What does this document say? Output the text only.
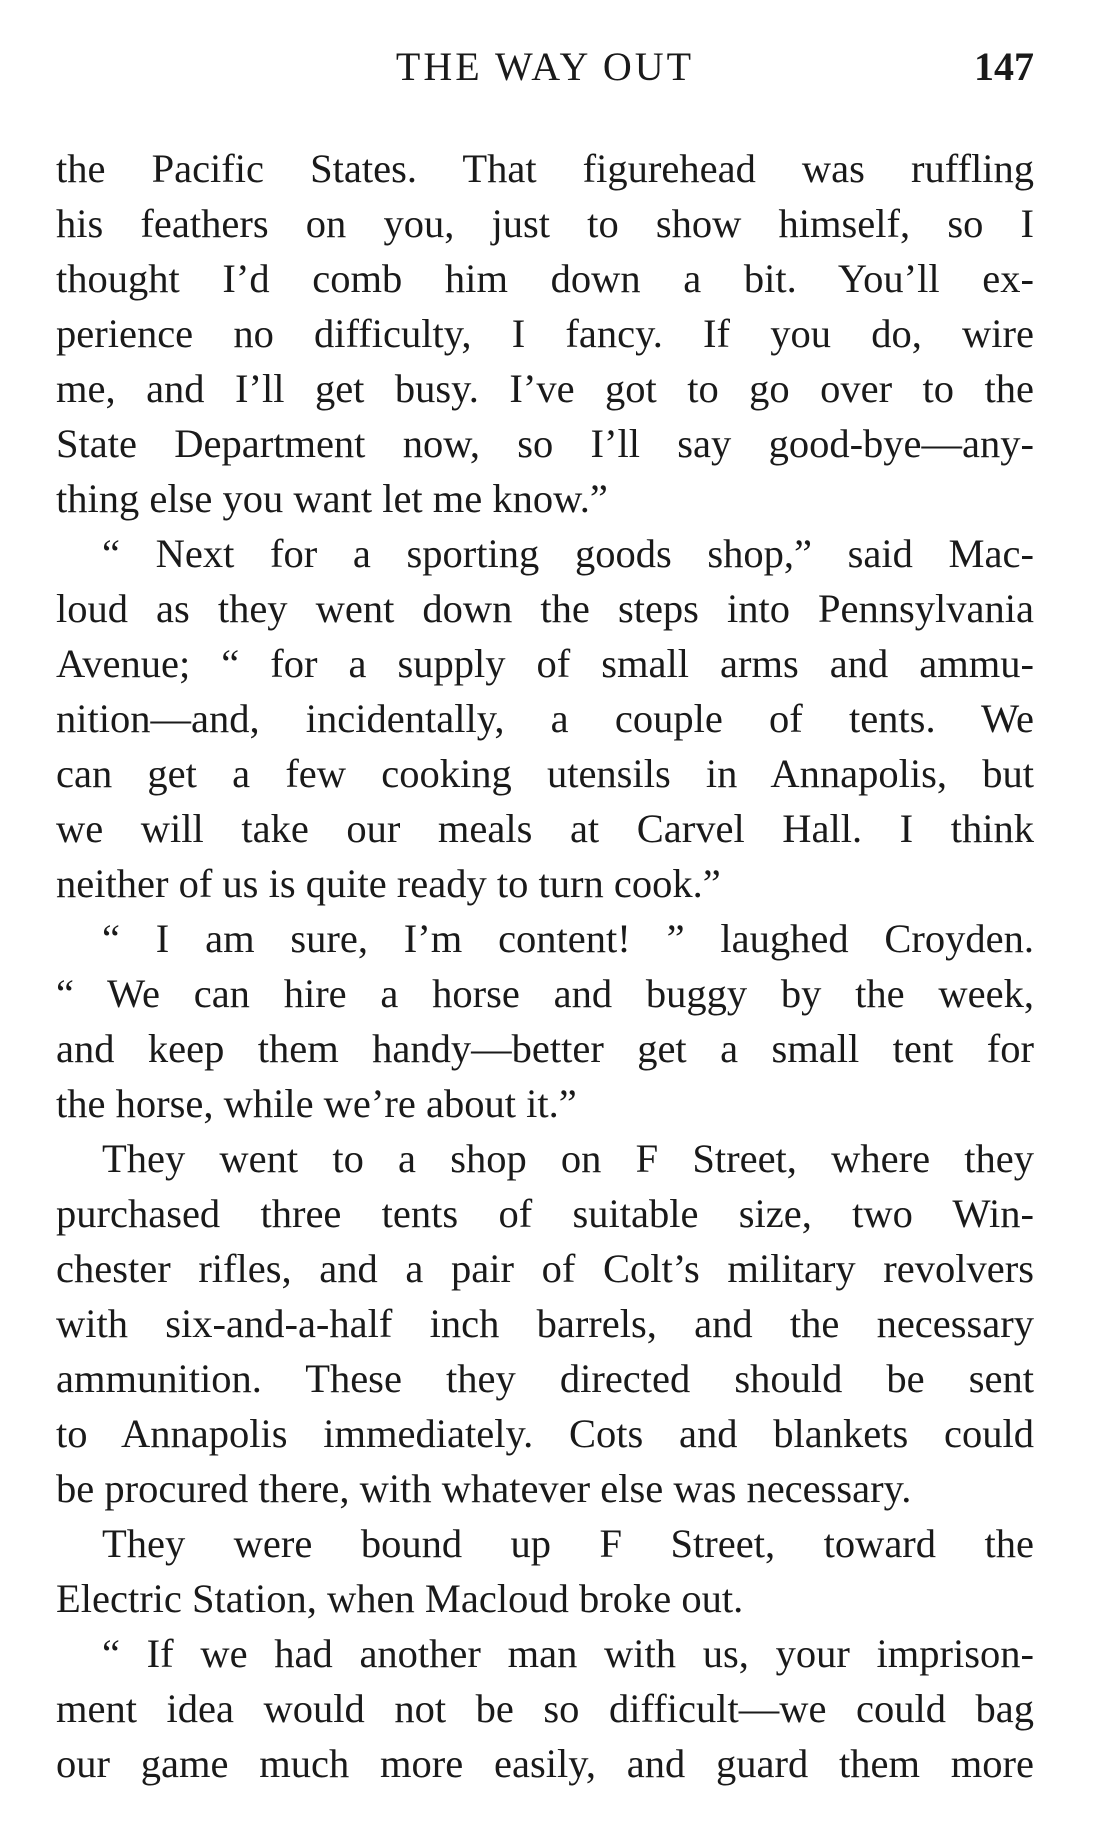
THE WAY OUT	147
the Pacific States. That figurehead was ruffling
his feathers on you, just to show himself, so I
thought I’d comb him down a bit. You’ll ex-
perience no difficulty, I fancy. If you do, wire
me, and I’ll get busy. I’ve got to go over to the
State Department now, so I’ll say good-bye—any-
thing else you want let me know.”
“ Next for a sporting goods shop,” said Mac-
loud as they went down the steps into Pennsylvania
Avenue; “ for a supply of small arms and ammu-
nition—and, incidentally, a couple of tents. We
can get a few cooking utensils in Annapolis, but
we will take our meals at Carvel Hall. I think
neither of us is quite ready to turn cook.”
“ I am sure, I’m content! ” laughed Croyden.
“ We can hire a horse and buggy by the week,
and keep them handy—better get a small tent for
the horse, while we’re about it.”
They went to a shop on F Street, where they
purchased three tents of suitable size, two Win-
chester rifles, and a pair of Colt’s military revolvers
with six-and-a-half inch barrels, and the necessary
ammunition. These they directed should be sent
to Annapolis immediately. Cots and blankets could
be procured there, with whatever else was necessary.
They were bound up F Street, toward the
Electric Station, when Macloud broke out.
“ If we had another man with us, your imprison-
ment idea would not be so difficult—we could bag
our game much more easily, and guard them more
